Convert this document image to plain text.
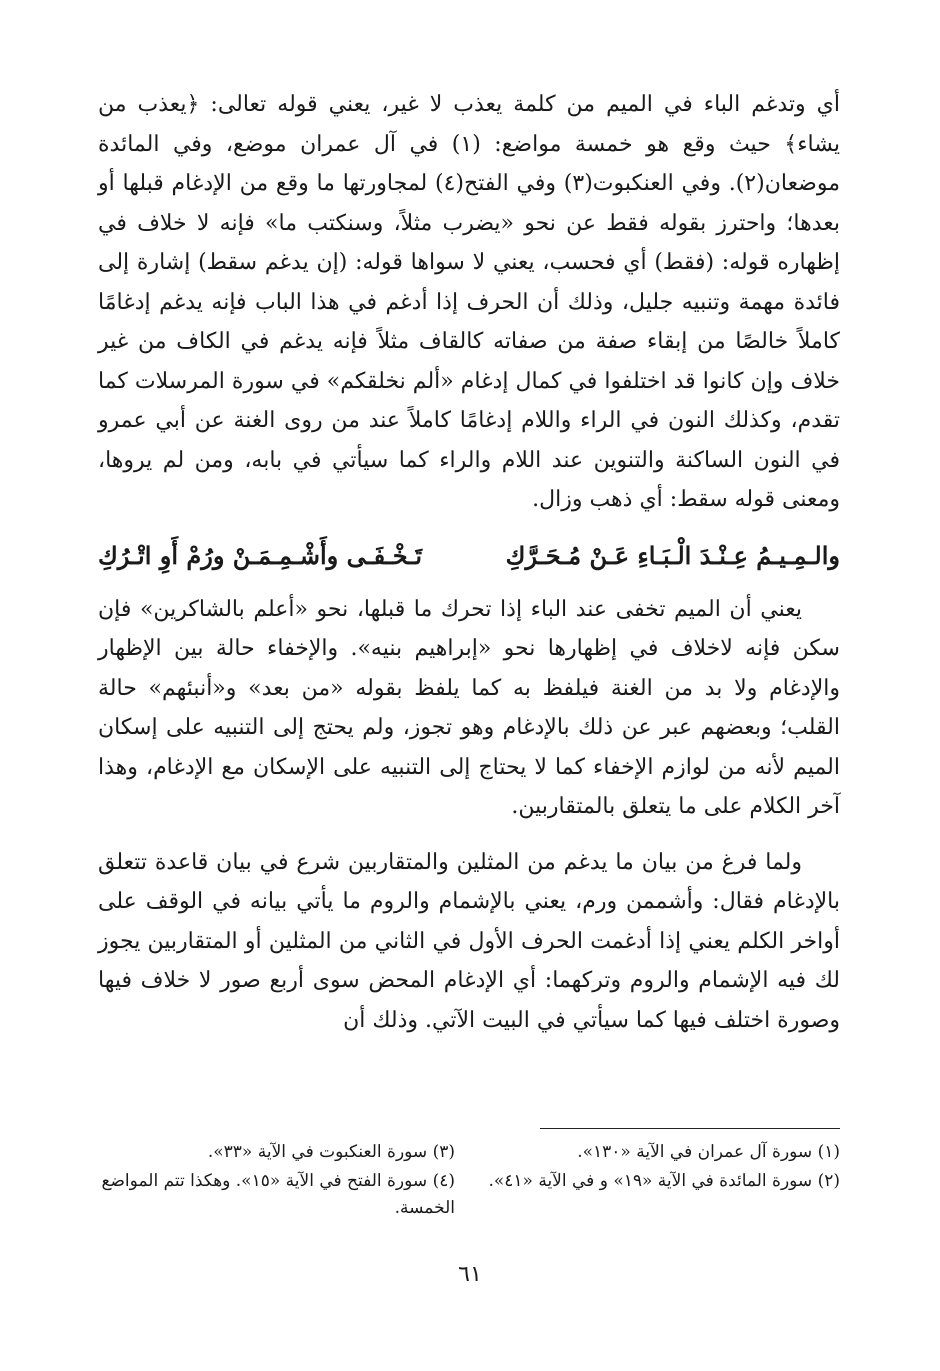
أي وتدغم الباء في الميم من كلمة يعذب لا غير، يعني قوله تعالى: ﴿يعذب من يشاء﴾ حيث وقع هو خمسة مواضع: (١) في آل عمران موضع، وفي المائدة موضعان(٢). وفي العنكبوت(٣) وفي الفتح(٤) لمجاورتها ما وقع من الإدغام قبلها أو بعدها؛ واحترز بقوله فقط عن نحو «يضرب مثلاً، وسنكتب ما» فإنه لا خلاف في إظهاره قوله: (فقط) أي فحسب، يعني لا سواها قوله: (إن يدغم سقط) إشارة إلى فائدة مهمة وتنبيه جليل، وذلك أن الحرف إذا أدغم في هذا الباب فإنه يدغم إدغامًا كاملاً خالصًا من إبقاء صفة من صفاته كالقاف مثلاً فإنه يدغم في الكاف من غير خلاف وإن كانوا قد اختلفوا في كمال إدغام «ألم نخلقكم» في سورة المرسلات كما تقدم، وكذلك النون في الراء واللام إدغامًا كاملاً عند من روى الغنة عن أبي عمرو في النون الساكنة والتنوين عند اللام والراء كما سيأتي في بابه، ومن لم يروها، ومعنى قوله سقط: أي ذهب وزال.

والـمِـيـمُ عِـنْـدَ الْـبَـاءِ عَـنْ مُـحَـرَّكِ
تَـخْـفَـى وأَشْـمِـمَـنْ ورُمْ أَوِ اتْـرُكِ

يعني أن الميم تخفى عند الباء إذا تحرك ما قبلها، نحو «أعلم بالشاكرين» فإن سكن فإنه لاخلاف في إظهارها نحو «إبراهيم بنيه». والإخفاء حالة بين الإظهار والإدغام ولا بد من الغنة فيلفظ به كما يلفظ بقوله «من بعد» و«أنبئهم» حالة القلب؛ وبعضهم عبر عن ذلك بالإدغام وهو تجوز، ولم يحتج إلى التنبيه على إسكان الميم لأنه من لوازم الإخفاء كما لا يحتاج إلى التنبيه على الإسكان مع الإدغام، وهذا آخر الكلام على ما يتعلق بالمتقاربين.

ولما فرغ من بيان ما يدغم من المثلين والمتقاربين شرع في بيان قاعدة تتعلق بالإدغام فقال: وأشممن ورم، يعني بالإشمام والروم ما يأتي بيانه في الوقف على أواخر الكلم يعني إذا أدغمت الحرف الأول في الثاني من المثلين أو المتقاربين يجوز لك فيه الإشمام والروم وتركهما: أي الإدغام المحض سوى أربع صور لا خلاف فيها وصورة اختلف فيها كما سيأتي في البيت الآتي. وذلك أن

(١) سورة آل عمران في الآية «١٣٠».
(٣) سورة العنكبوت في الآية «٣٣».
(٢) سورة المائدة في الآية «١٩» و في الآية «٤١».
(٤) سورة الفتح في الآية «١٥». وهكذا تتم المواضع الخمسة.
٦١
